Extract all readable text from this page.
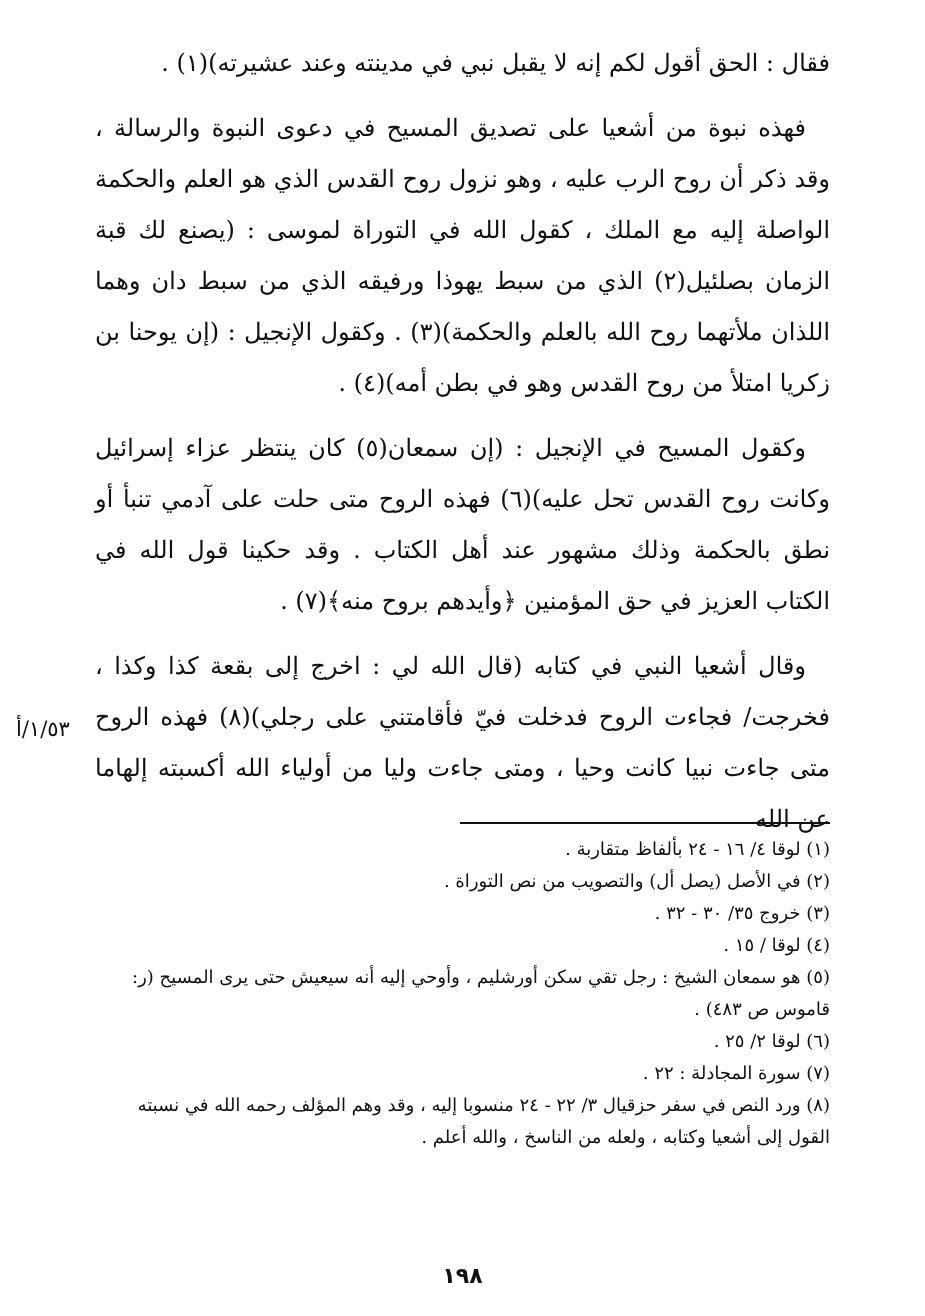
فقال : الحق أقول لكم إنه لا يقبل نبي في مدينته وعند عشيرته)(١) .

فهذه نبوة من أشعيا على تصديق المسيح في دعوى النبوة والرسالة ، وقد ذكر أن روح الرب عليه ، وهو نزول روح القدس الذي هو العلم والحكمة الواصلة إليه مع الملك ، كقول الله في التوراة لموسى : (يصنع لك قبة الزمان بصلئيل(٢) الذي من سبط يهوذا ورفيقه الذي من سبط دان وهما اللذان ملأتهما روح الله بالعلم والحكمة)(٣) . وكقول الإنجيل : (إن يوحنا بن زكريا امتلأ من روح القدس وهو في بطن أمه)(٤) .

وكقول المسيح في الإنجيل : (إن سمعان(٥) كان ينتظر عزاء إسرائيل وكانت روح القدس تحل عليه)(٦) فهذه الروح متى حلت على آدمي تنبأ أو نطق بالحكمة وذلك مشهور عند أهل الكتاب . وقد حكينا قول الله في الكتاب العزيز في حق المؤمنين ﴿وأيدهم بروح منه﴾(٧) .

وقال أشعيا النبي في كتابه (قال الله لي : اخرج إلى بقعة كذا وكذا ، فخرجت/ فجاءت الروح فدخلت فيّ فأقامتني على رجلي)(٨) فهذه الروح متى جاءت نبيا كانت وحيا ، ومتى جاءت وليا من أولياء الله أكسبته إلهاما عن الله

١/٥٣/أ

(١) لوقا ٤/ ١٦ - ٢٤ بألفاظ متقاربة .

(٢) في الأصل (يصل أل) والتصويب من نص التوراة .

(٣) خروج ٣٥/ ٣٠ - ٣٢ .

(٤) لوقا / ١٥ .

(٥) هو سمعان الشيخ : رجل تقي سكن أورشليم ، وأوحي إليه أنه سيعيش حتى يرى المسيح (ر: قاموس ص ٤٨٣) .

(٦) لوقا ٢/ ٢٥ .

(٧) سورة المجادلة : ٢٢ .

(٨) ورد النص في سفر حزقيال ٣/ ٢٢ - ٢٤ منسوبا إليه ، وقد وهم المؤلف رحمه الله في نسبته القول إلى أشعيا وكتابه ، ولعله من الناسخ ، والله أعلم .

١٩٨
